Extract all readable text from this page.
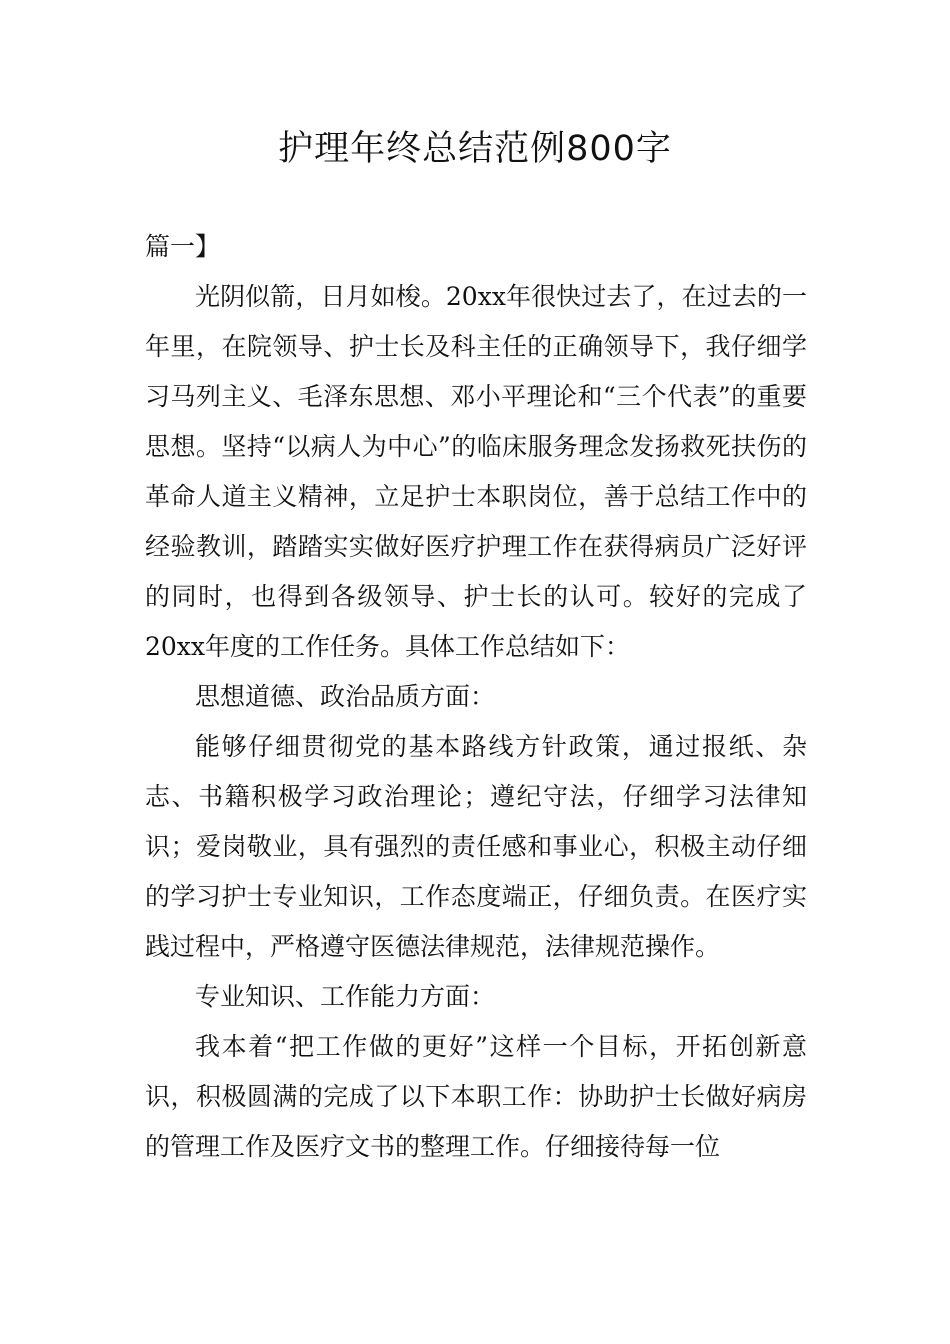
护理年终总结范例800字

篇一】

光阴似箭，日月如梭。20xx年很快过去了，在过去的一年里，在院领导、护士长及科主任的正确领导下，我仔细学习马列主义、毛泽东思想、邓小平理论和“三个代表”的重要思想。坚持“以病人为中心”的临床服务理念发扬救死扶伤的革命人道主义精神，立足护士本职岗位，善于总结工作中的经验教训，踏踏实实做好医疗护理工作在获得病员广泛好评的同时，也得到各级领导、护士长的认可。较好的完成了20xx年度的工作任务。具体工作总结如下：

思想道德、政治品质方面：

能够仔细贯彻党的基本路线方针政策，通过报纸、杂志、书籍积极学习政治理论；遵纪守法，仔细学习法律知识；爱岗敬业，具有强烈的责任感和事业心，积极主动仔细的学习护士专业知识，工作态度端正，仔细负责。在医疗实践过程中，严格遵守医德法律规范，法律规范操作。

专业知识、工作能力方面：

我本着“把工作做的更好”这样一个目标，开拓创新意识，积极圆满的完成了以下本职工作：协助护士长做好病房的管理工作及医疗文书的整理工作。仔细接待每一位
